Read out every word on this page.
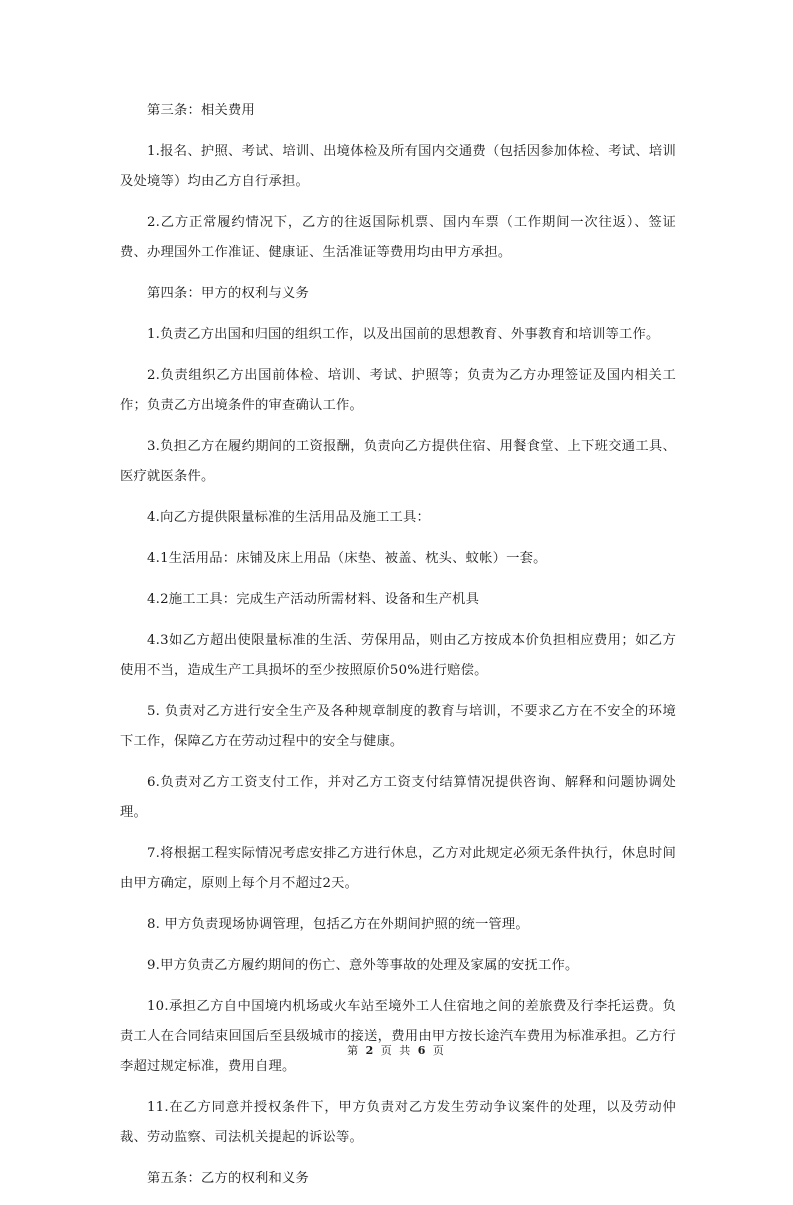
第三条：相关费用

1.报名、护照、考试、培训、出境体检及所有国内交通费（包括因参加体检、考试、培训及处境等）均由乙方自行承担。

2.乙方正常履约情况下，乙方的往返国际机票、国内车票（工作期间一次往返）、签证费、办理国外工作准证、健康证、生活准证等费用均由甲方承担。

第四条：甲方的权利与义务

1.负责乙方出国和归国的组织工作，以及出国前的思想教育、外事教育和培训等工作。

2.负责组织乙方出国前体检、培训、考试、护照等；负责为乙方办理签证及国内相关工作；负责乙方出境条件的审查确认工作。

3.负担乙方在履约期间的工资报酬，负责向乙方提供住宿、用餐食堂、上下班交通工具、医疗就医条件。

4.向乙方提供限量标准的生活用品及施工工具：

4.1生活用品：床铺及床上用品（床垫、被盖、枕头、蚊帐）一套。

4.2施工工具：完成生产活动所需材料、设备和生产机具

4.3如乙方超出使限量标准的生活、劳保用品，则由乙方按成本价负担相应费用；如乙方使用不当，造成生产工具损坏的至少按照原价50%进行赔偿。

5. 负责对乙方进行安全生产及各种规章制度的教育与培训，不要求乙方在不安全的环境下工作，保障乙方在劳动过程中的安全与健康。

6.负责对乙方工资支付工作，并对乙方工资支付结算情况提供咨询、解释和问题协调处理。

7.将根据工程实际情况考虑安排乙方进行休息，乙方对此规定必须无条件执行，休息时间由甲方确定，原则上每个月不超过2天。

8. 甲方负责现场协调管理，包括乙方在外期间护照的统一管理。

9.甲方负责乙方履约期间的伤亡、意外等事故的处理及家属的安抚工作。

10.承担乙方自中国境内机场或火车站至境外工人住宿地之间的差旅费及行李托运费。负责工人在合同结束回国后至县级城市的接送，费用由甲方按长途汽车费用为标准承担。乙方行李超过规定标准，费用自理。

11.在乙方同意并授权条件下，甲方负责对乙方发生劳动争议案件的处理，以及劳动仲裁、劳动监察、司法机关提起的诉讼等。

第五条：乙方的权利和义务

第 2 页 共 6 页
